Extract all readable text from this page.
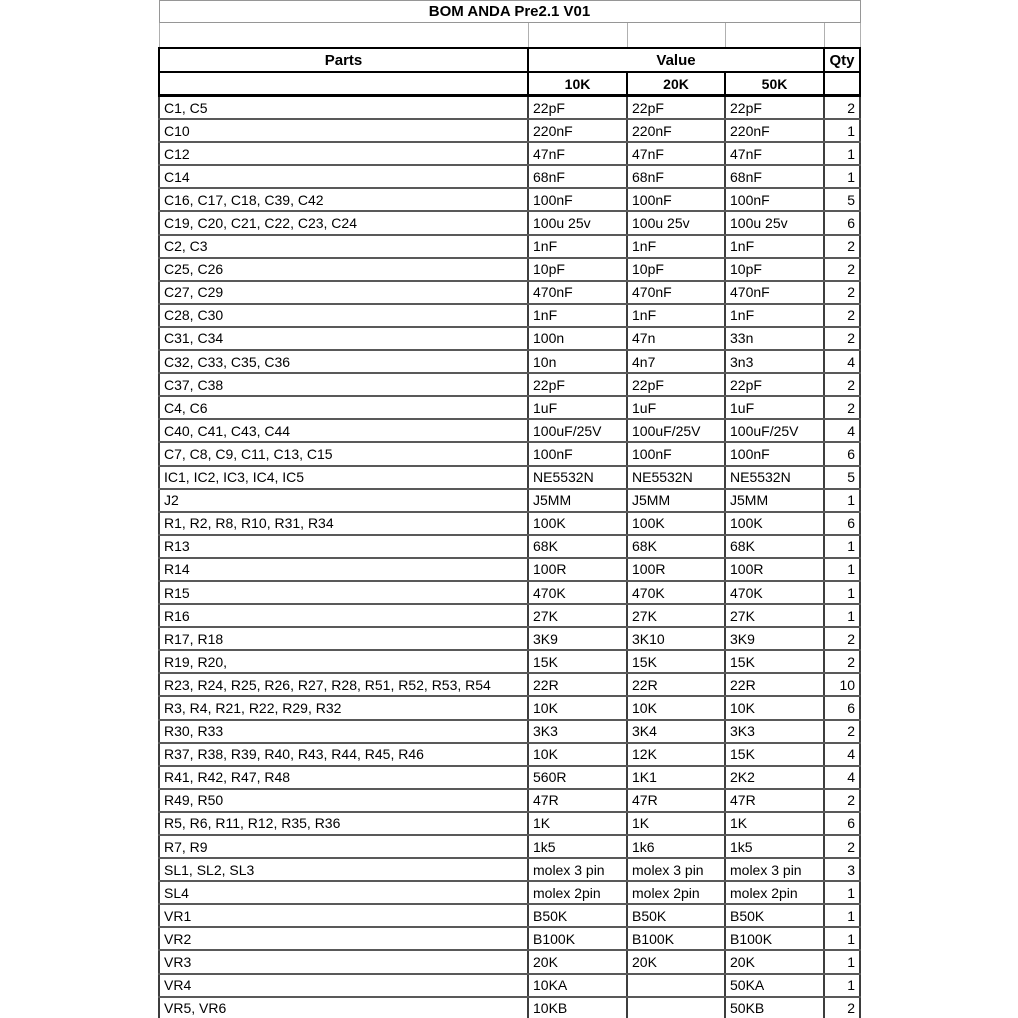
BOM ANDA Pre2.1 V01				

Parts	Value			Qty
	10K	20K	50K	
C1, C5	22pF	22pF	22pF	2
C10	220nF	220nF	220nF	1
C12	47nF	47nF	47nF	1
C14	68nF	68nF	68nF	1
C16, C17, C18, C39, C42	100nF	100nF	100nF	5
C19, C20, C21, C22, C23, C24	100u 25v	100u 25v	100u 25v	6
C2, C3	1nF	1nF	1nF	2
C25, C26	10pF	10pF	10pF	2
C27, C29	470nF	470nF	470nF	2
C28, C30	1nF	1nF	1nF	2
C31, C34	100n	47n	33n	2
C32, C33, C35, C36	10n	4n7	3n3	4
C37, C38	22pF	22pF	22pF	2
C4, C6	1uF	1uF	1uF	2
C40, C41, C43, C44	100uF/25V	100uF/25V	100uF/25V	4
C7, C8, C9, C11, C13, C15	100nF	100nF	100nF	6
IC1, IC2, IC3, IC4, IC5	NE5532N	NE5532N	NE5532N	5
J2	J5MM	J5MM	J5MM	1
R1, R2, R8, R10, R31, R34	100K	100K	100K	6
R13	68K	68K	68K	1
R14	100R	100R	100R	1
R15	470K	470K	470K	1
R16	27K	27K	27K	1
R17, R18	3K9	3K10	3K9	2
R19, R20,	15K	15K	15K	2
R23, R24, R25, R26, R27, R28, R51, R52, R53, R54	22R	22R	22R	10
R3, R4, R21, R22, R29, R32	10K	10K	10K	6
R30, R33	3K3	3K4	3K3	2
R37, R38, R39, R40, R43, R44, R45, R46	10K	12K	15K	4
R41, R42, R47, R48	560R	1K1	2K2	4
R49, R50	47R	47R	47R	2
R5, R6, R11, R12, R35, R36	1K	1K	1K	6
R7, R9	1k5	1k6	1k5	2
SL1, SL2, SL3	molex 3 pin	molex 3 pin	molex 3 pin	3
SL4	molex 2pin	molex 2pin	molex 2pin	1
VR1	B50K	B50K	B50K	1
VR2	B100K	B100K	B100K	1
VR3	20K	20K	20K	1
VR4	10KA		50KA	1
VR5, VR6	10KB		50KB	2
